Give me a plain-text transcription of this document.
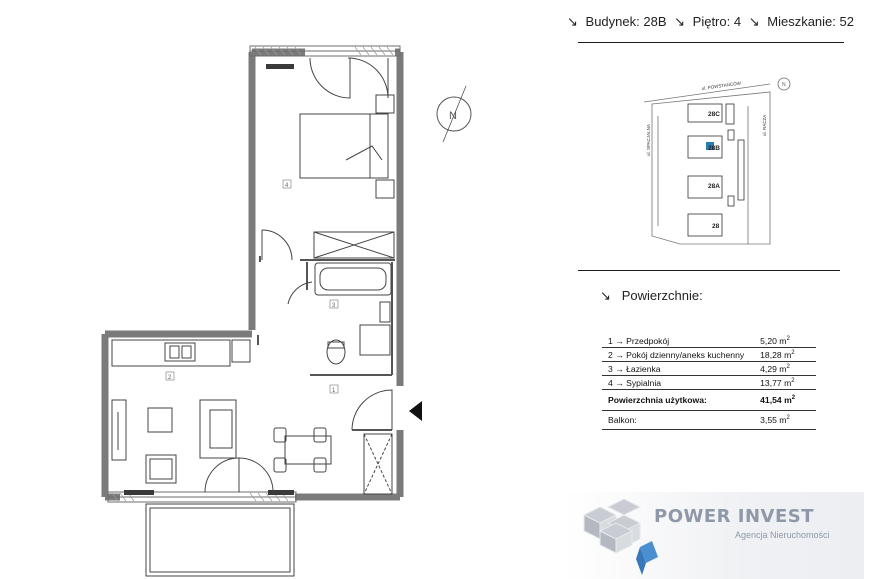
4
3
2
1
N
↘ Budynek: 28B ↘ Piętro: 4 ↘ Mieszkanie: 52
ul. POWSTAŃCÓW
ul. SPACJALNA	ul. RACZA
28C
28B
28A
28
N
↘ Powierzchnie:
1 → Przedpokój	5,20 $m^2$
2 → Pokój dzienny/aneks kuchenny	18,28 $m^2$
3 → Łazienka	4,29 $m^2$
4 → Sypialnia	13,77 $m^2$
Powierzchnia użytkowa:	41,54 $m^2$
Balkon:	3,55 $m^2$
POWER INVEST
Agencja Nieruchomości
